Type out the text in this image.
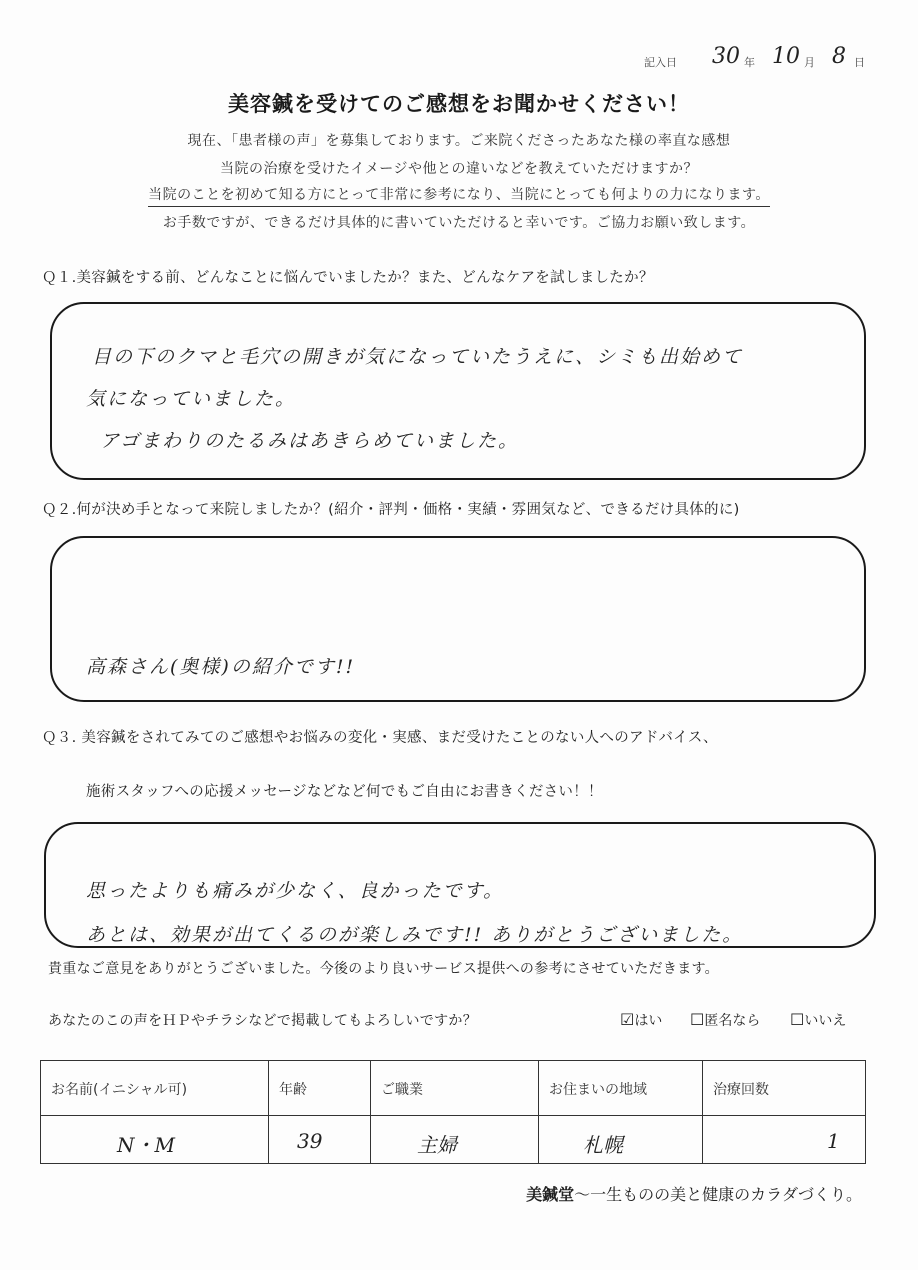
記入日 30 年 10 月 8 日
美容鍼を受けてのご感想をお聞かせください！
現在、「患者様の声」を募集しております。ご来院くださったあなた様の率直な感想
当院の治療を受けたイメージや他との違いなどを教えていただけますか？
当院のことを初めて知る方にとって非常に参考になり、当院にとっても何よりの力になります。
お手数ですが、できるだけ具体的に書いていただけると幸いです。ご協力お願い致します。
Ｑ１.美容鍼をする前、どんなことに悩んでいましたか？また、どんなケアを試しましたか？
目の下のクマと毛穴の開きが気になっていたうえに、シミも出始めて
気になっていました。
アゴまわりのたるみはあきらめていました。
Ｑ２.何が決め手となって来院しましたか？(紹介・評判・価格・実績・雰囲気など、できるだけ具体的に)
高森さん(奥様)の紹介です!!
Ｑ３. 美容鍼をされてみてのご感想やお悩みの変化・実感、まだ受けたことのない人へのアドバイス、
施術スタッフへの応援メッセージなどなど何でもご自由にお書きください！！
思ったよりも痛みが少なく、良かったです。
あとは、効果が出てくるのが楽しみです!! ありがとうございました。
貴重なご意見をありがとうございました。今後のより良いサービス提供への参考にさせていただきます。
あなたのこの声をＨＰやチラシなどで掲載してもよろしいですか？	☑はい ☐匿名なら ☐いいえ
お名前(イニシャル可)
N・M
年齢
39
ご職業
主婦
お住まいの地域
札幌
治療回数
1
美鍼堂〜一生ものの美と健康のカラダづくり。
